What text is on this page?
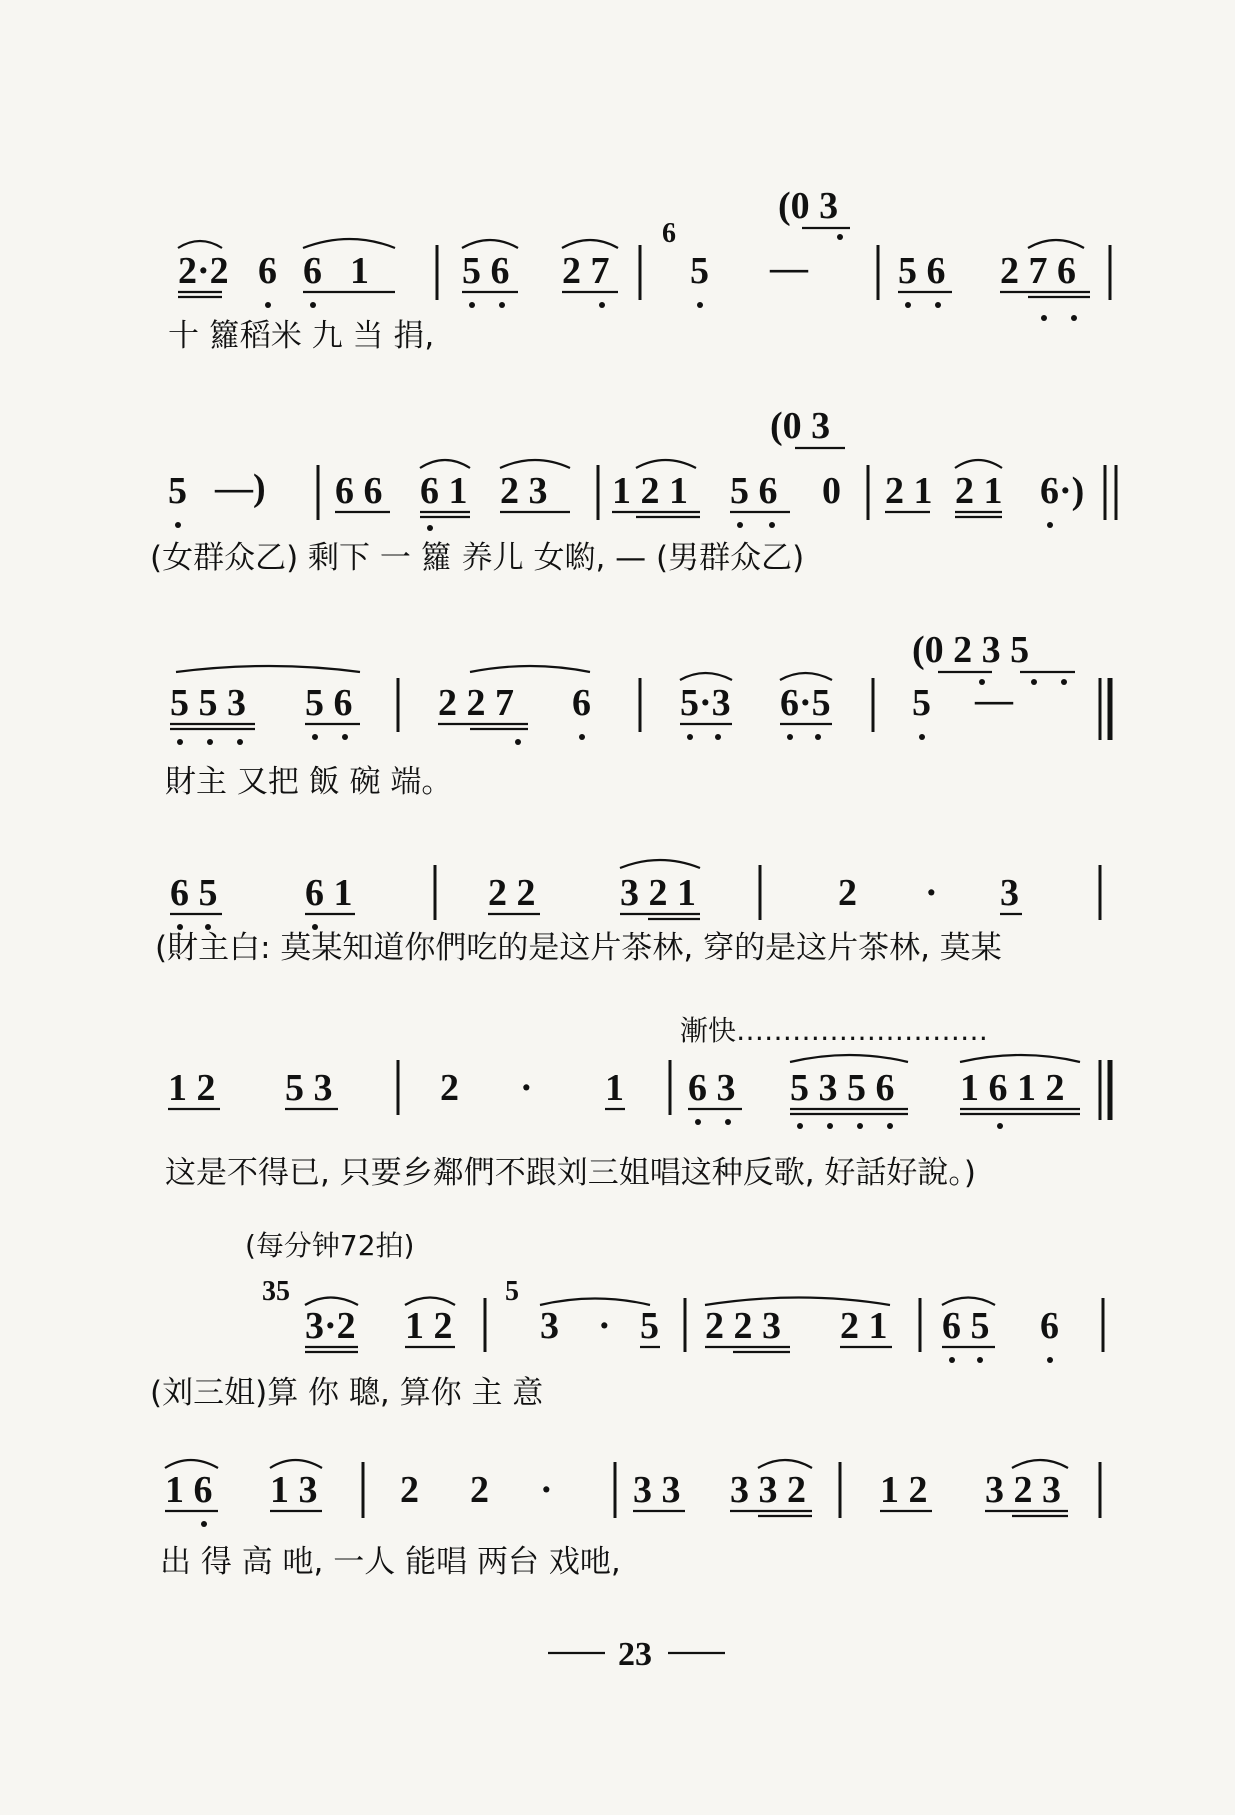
(0 3
2·2 6 6 1 5 6 2 7
6
5 — 5 6 2 7 6
十 籮稻米 九 当 捐,
(0 3
5 —) 6 6 6 1 2 3 1 2 1 5 6 0 2 1 2 1 6·)
(女群众乙) 剩下 一 籮 养儿 女喲, — (男群众乙)
(0 2 3 5
5 5 3 5 6 2 2 7 6 5·3 6·5 5 —
財主 又把 飯 碗 端。
6 5 6 1	2 2 3 2 1	2 · 3
(財主白: 莫某知道你們吃的是这片茶林, 穿的是这片茶林, 莫某
漸快………………………
1 2 5 3	2 · 1 6 3 5 3 5 6 1 6 1 2
这是不得已, 只要乡鄰們不跟刘三姐唱这种反歌, 好話好說。)
(每分钟72拍)
35
3·2 1 2
5
3 · 5 2 2 3 2 1 6 5 6
(刘三姐)算 你 聰, 算你 主 意
1 6 1 3 2 2 · 3 3 3 3 2 1 2 3 2 3
出 得 高 吔, 一人 能唱 两台 戏吔,
23
